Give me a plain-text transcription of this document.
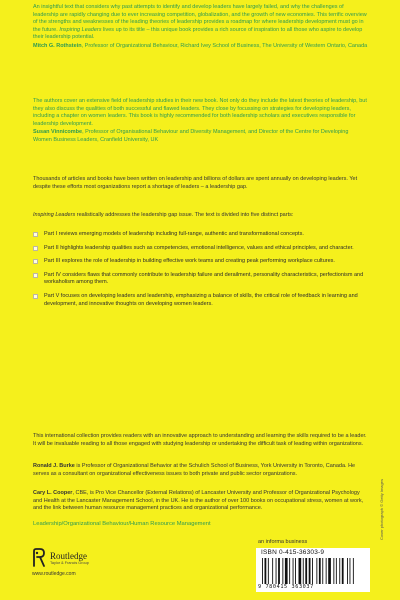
An insightful text that considers why past attempts to identify and develop leaders have largely failed, and why the challenges of leadership are rapidly changing due to ever increasing competition, globalization, and the growth of new economies. This terrific overview of the strengths and weaknesses of the leading theories of leadership provides a roadmap for where leadership development must go in the future. Inspiring Leaders lives up to its title – this unique book provides a rich source of inspiration to all those who aspire to develop their leadership potential.

Mitch G. Rothstein, Professor of Organizational Behaviour, Richard Ivey School of Business, The University of Western Ontario, Canada

The authors cover an extensive field of leadership studies in their new book. Not only do they include the latest theories of leadership, but they also discuss the qualities of both successful and flawed leaders. They close by focussing on strategies for developing leaders, including a chapter on women leaders. This book is highly recommended for both leadership scholars and executives responsible for leadership development.

Susan Vinnicombe, Professor of Organisational Behaviour and Diversity Management, and Director of the Centre for Developing Women Business Leaders, Cranfield University, UK

Thousands of articles and books have been written on leadership and billions of dollars are spent annually on developing leaders. Yet despite these efforts most organizations report a shortage of leaders – a leadership gap.

Inspiring Leaders realistically addresses the leadership gap issue. The text is divided into five distinct parts:

Part I reviews emerging models of leadership including full-range, authentic and transformational concepts.
Part II highlights leadership qualities such as competencies, emotional intelligence, values and ethical principles, and character.
Part III explores the role of leadership in building effective work teams and creating peak performing workplace cultures.
Part IV considers flaws that commonly contribute to leadership failure and derailment, personality characteristics, perfectionism and workaholism among them.
Part V focuses on developing leaders and leadership, emphasizing a balance of skills, the critical role of feedback in learning and development, and innovative thoughts on developing women leaders.

This international collection provides readers with an innovative approach to understanding and learning the skills required to be a leader. It will be invaluable reading to all those engaged with studying leadership or undertaking the difficult task of leading within organizations.

Ronald J. Burke is Professor of Organizational Behavior at the Schulich School of Business, York University in Toronto, Canada. He serves as a consultant on organizational effectiveness issues to both private and public sector organizations.

Cary L. Cooper, CBE, is Pro Vice Chancellor (External Relations) of Lancaster University and Professor of Organizational Psychology and Health at the Lancaster Management School, in the UK. He is the author of over 100 books on occupational stress, women at work, and the link between human resource management practices and organizational performance.

Leadership/Organizational Behaviour/Human Resource Management	Cover photograph © Getty Images
Routledge
Taylor & Francis Group
www.routledge.com
an informa business
ISBN 0-415-36303-9
9 780415 363037
